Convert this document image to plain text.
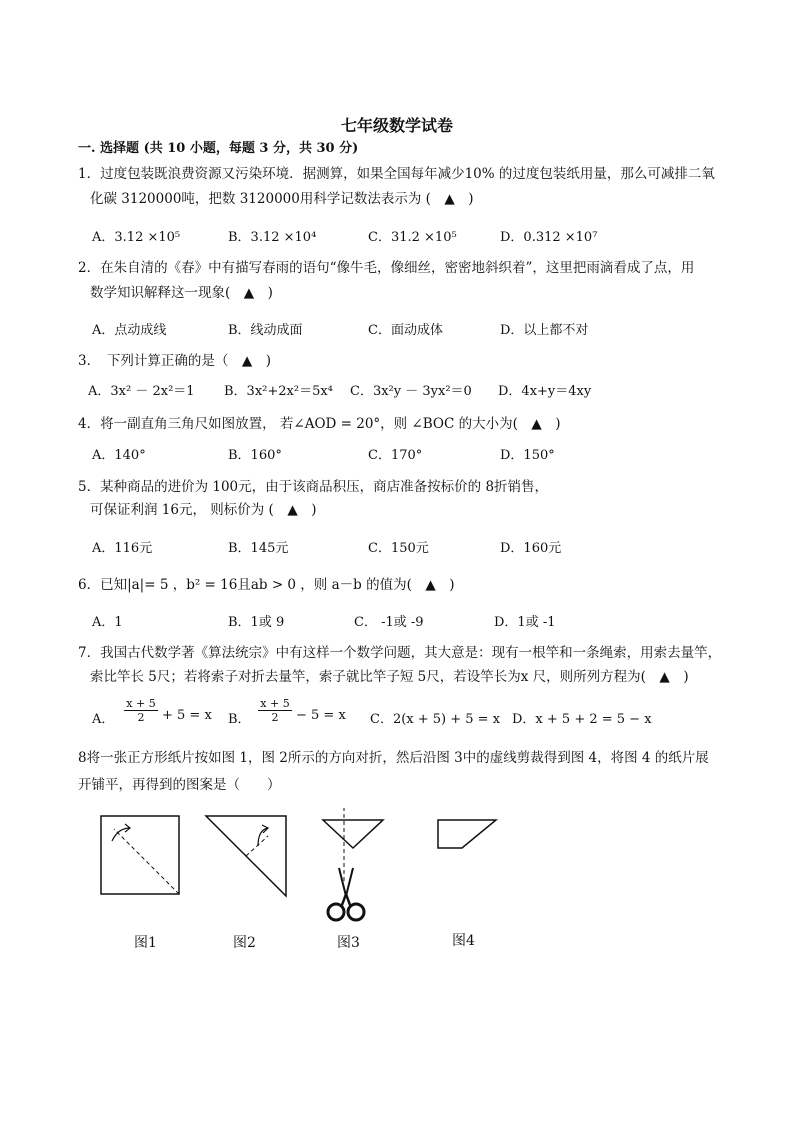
七年级数学试卷
一. 选择题 (共 10 小题，每题 3 分，共 30 分)
1．过度包装既浪费资源又污染环境．据测算，如果全国每年减少10% 的过度包装纸用量，那么可减排二氧
化碳 3120000吨，把数 3120000用科学记数法表示为 (　▲　)
A．3.12 ×10⁵	B．3.12 ×10⁴	C．31.2 ×10⁵	D．0.312 ×10⁷
2．在朱自清的《春》中有描写春雨的语句“像牛毛，像细丝，密密地斜织着”，这里把雨滴看成了点，用
数学知识解释这一现象(　▲　)
A．点动成线	B．线动成面	C．面动成体	D．以上都不对
3．　下列计算正确的是（　▲　)
A．3x² － 2x²＝1 B．3x²+2x²＝5x⁴ C．3x²y － 3yx²＝0 D．4x+y＝4xy
4．将一副直角三角尺如图放置， 若∠AOD = 20°，则 ∠BOC 的大小为(　▲　)
A．140°	B．160°	C．170°	D．150°
5．某种商品的进价为 100元，由于该商品积压，商店准备按标价的 8折销售，
可保证利润 16元， 则标价为 (　▲　)
A．116元	B．145元	C．150元	D．160元
6．已知|a|= 5 ，b² = 16且ab > 0 ，则 a－b 的值为(　▲　)
A．1	B．1或 9	C． -1或 -9	D．1或 -1
7．我国古代数学著《算法统宗》中有这样一个数学问题，其大意是：现有一根竿和一条绳索，用索去量竿，
索比竿长 5尺；若将索子对折去量竿，索子就比竿子短 5尺，若设竿长为x 尺，则所列方程为(　▲　)
A． $\frac{x + 5}{2} + 5 = x$ B． $\frac{x + 5}{2} - 5 = x$ C．2(x + 5) + 5 = x D．x + 5 + 2 = 5 − x
8将一张正方形纸片按如图 1，图 2所示的方向对折，然后沿图 3中的虚线剪裁得到图 4，将图 4 的纸片展
开铺平，再得到的图案是（　　）
图1	图2	图3	图4
